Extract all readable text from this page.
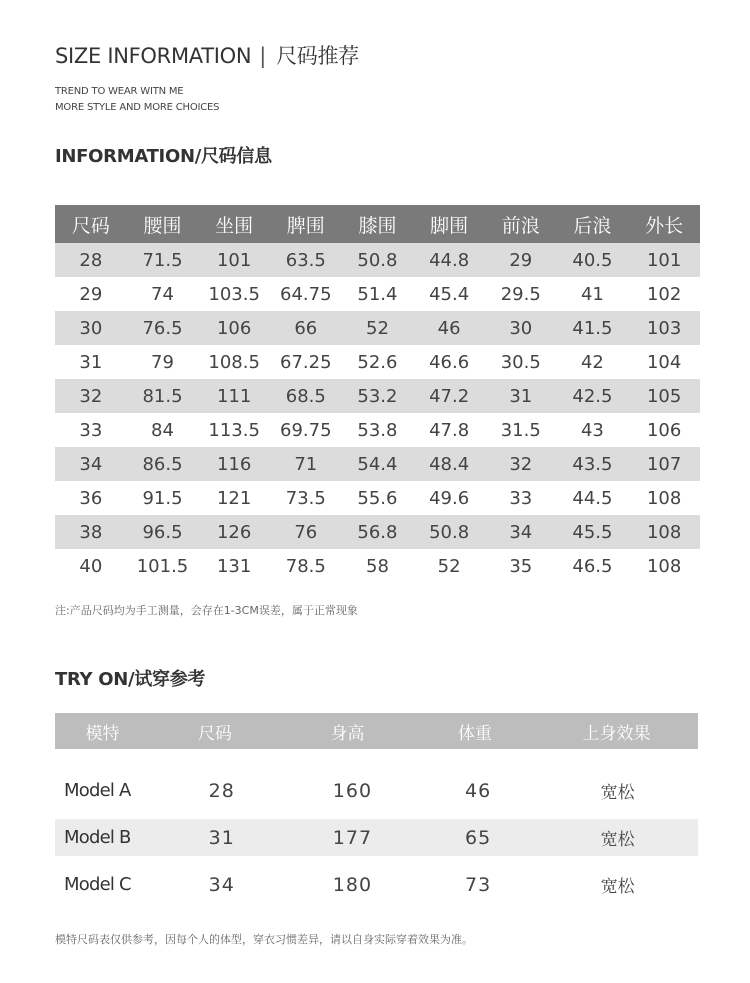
SIZE INFORMATION | 尺码推荐
TREND TO WEAR WITN ME
MORE STYLE AND MORE CHOICES
INFORMATION/尺码信息
尺码	腰围	坐围	脾围	膝围	脚围	前浪	后浪	外长
28	71.5	101	63.5	50.8	44.8	29	40.5	101
29	74	103.5	64.75	51.4	45.4	29.5	41	102
30	76.5	106	66	52	46	30	41.5	103
31	79	108.5	67.25	52.6	46.6	30.5	42	104
32	81.5	111	68.5	53.2	47.2	31	42.5	105
33	84	113.5	69.75	53.8	47.8	31.5	43	106
34	86.5	116	71	54.4	48.4	32	43.5	107
36	91.5	121	73.5	55.6	49.6	33	44.5	108
38	96.5	126	76	56.8	50.8	34	45.5	108
40	101.5	131	78.5	58	52	35	46.5	108
注:产品尺码均为手工测量，会存在1-3CM误差，属于正常现象
TRY ON/试穿参考
模特	尺码	身高	体重	上身效果
Model A	28	160	46	宽松
Model B	31	177	65	宽松
Model C	34	180	73	宽松
模特尺码表仅供参考，因每个人的体型，穿衣习惯差异，请以自身实际穿着效果为准。
